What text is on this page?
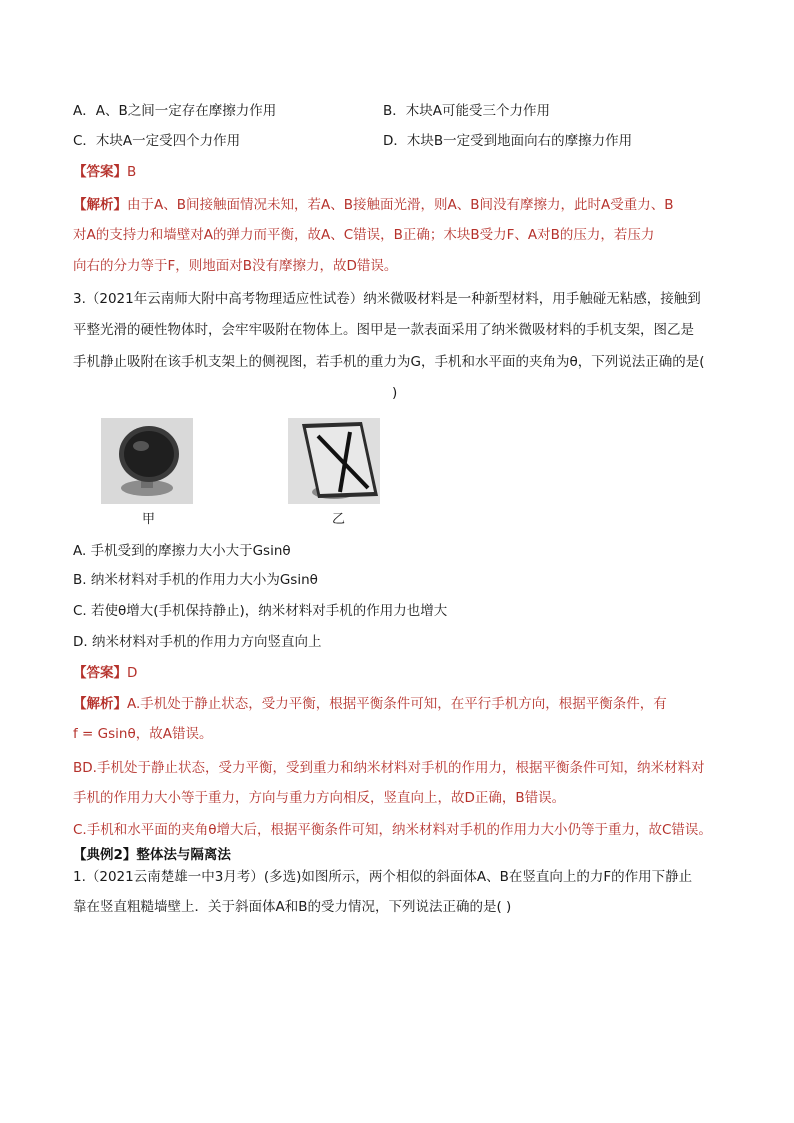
A．A、B之间一定存在摩擦力作用	B．木块A可能受三个力作用
C．木块A一定受四个力作用	D．木块B一定受到地面向右的摩擦力作用
【答案】B
【解析】由于A、B间接触面情况未知，若A、B接触面光滑，则A、B间没有摩擦力，此时A受重力、B
对A的支持力和墙壁对A的弹力而平衡，故A、C错误，B正确；木块B受力F、A对B的压力，若压力
向右的分力等于F，则地面对B没有摩擦力，故D错误。
3.（2021年云南师大附中高考物理适应性试卷）纳米微吸材料是一种新型材料，用手触碰无粘感，接触到
平整光滑的硬性物体时，会牢牢吸附在物体上。图甲是一款表面采用了纳米微吸材料的手机支架，图乙是
手机静止吸附在该手机支架上的侧视图，若手机的重力为G，手机和水平面的夹角为θ，下列说法正确的是(
)
甲	乙
A. 手机受到的摩擦力大小大于Gsinθ
B. 纳米材料对手机的作用力大小为Gsinθ
C. 若使θ增大(手机保持静止)，纳米材料对手机的作用力也增大
D. 纳米材料对手机的作用力方向竖直向上
【答案】D
【解析】A.手机处于静止状态，受力平衡，根据平衡条件可知，在平行手机方向，根据平衡条件，有
f = Gsinθ，故A错误。
BD.手机处于静止状态，受力平衡，受到重力和纳米材料对手机的作用力，根据平衡条件可知，纳米材料对
手机的作用力大小等于重力，方向与重力方向相反，竖直向上，故D正确，B错误。
C.手机和水平面的夹角θ增大后，根据平衡条件可知，纳米材料对手机的作用力大小仍等于重力，故C错误。
【典例2】整体法与隔离法
1.（2021云南楚雄一中3月考）(多选)如图所示，两个相似的斜面体A、B在竖直向上的力F的作用下静止
靠在竖直粗糙墙壁上．关于斜面体A和B的受力情况，下列说法正确的是( )
